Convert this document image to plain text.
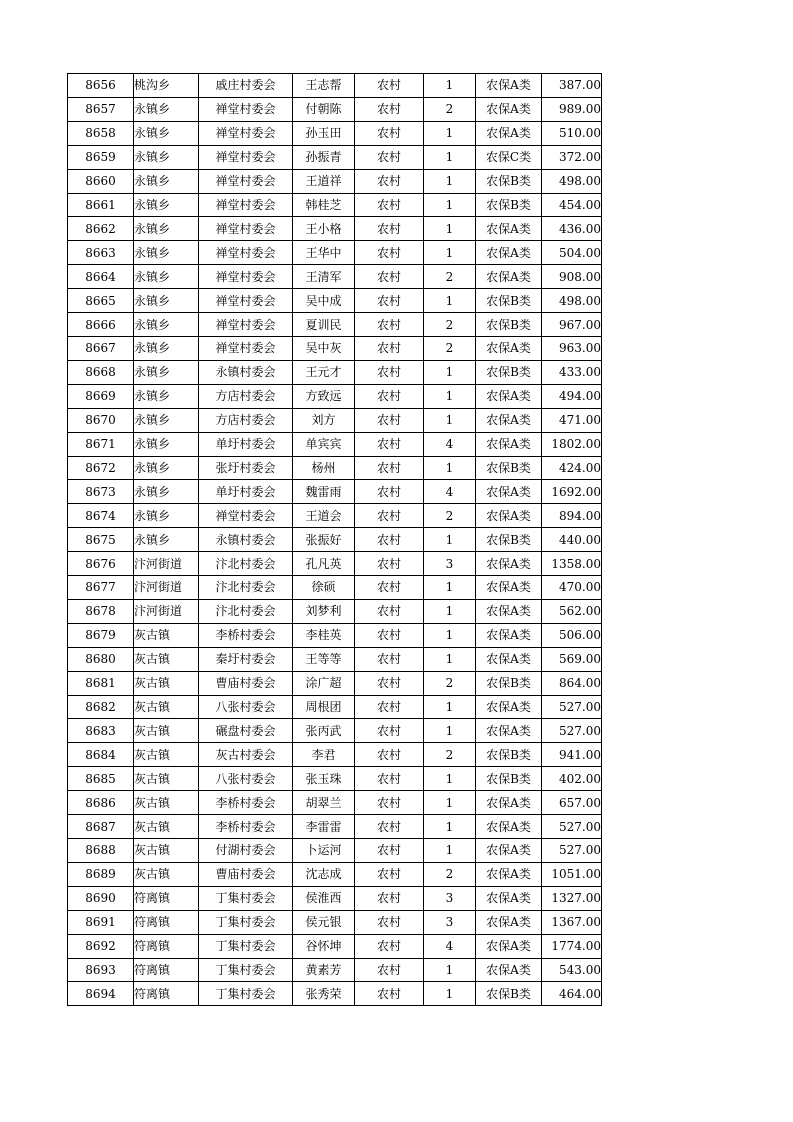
8656	桃沟乡	戚庄村委会	王志帮	农村	1	农保A类	387.00
8657	永镇乡	禅堂村委会	付朝陈	农村	2	农保A类	989.00
8658	永镇乡	禅堂村委会	孙玉田	农村	1	农保A类	510.00
8659	永镇乡	禅堂村委会	孙振青	农村	1	农保C类	372.00
8660	永镇乡	禅堂村委会	王道祥	农村	1	农保B类	498.00
8661	永镇乡	禅堂村委会	韩桂芝	农村	1	农保B类	454.00
8662	永镇乡	禅堂村委会	王小格	农村	1	农保A类	436.00
8663	永镇乡	禅堂村委会	王华中	农村	1	农保A类	504.00
8664	永镇乡	禅堂村委会	王清军	农村	2	农保A类	908.00
8665	永镇乡	禅堂村委会	吴中成	农村	1	农保B类	498.00
8666	永镇乡	禅堂村委会	夏训民	农村	2	农保B类	967.00
8667	永镇乡	禅堂村委会	吴中灰	农村	2	农保A类	963.00
8668	永镇乡	永镇村委会	王元才	农村	1	农保B类	433.00
8669	永镇乡	方店村委会	方致远	农村	1	农保A类	494.00
8670	永镇乡	方店村委会	刘方	农村	1	农保A类	471.00
8671	永镇乡	单圩村委会	单宾宾	农村	4	农保A类	1802.00
8672	永镇乡	张圩村委会	杨州	农村	1	农保B类	424.00
8673	永镇乡	单圩村委会	魏雷雨	农村	4	农保A类	1692.00
8674	永镇乡	禅堂村委会	王道会	农村	2	农保A类	894.00
8675	永镇乡	永镇村委会	张振好	农村	1	农保B类	440.00
8676	汴河街道	汴北村委会	孔凡英	农村	3	农保A类	1358.00
8677	汴河街道	汴北村委会	徐硕	农村	1	农保A类	470.00
8678	汴河街道	汴北村委会	刘梦利	农村	1	农保A类	562.00
8679	灰古镇	李桥村委会	李桂英	农村	1	农保A类	506.00
8680	灰古镇	秦圩村委会	王等等	农村	1	农保A类	569.00
8681	灰古镇	曹庙村委会	涂广超	农村	2	农保B类	864.00
8682	灰古镇	八张村委会	周根团	农村	1	农保A类	527.00
8683	灰古镇	碾盘村委会	张丙武	农村	1	农保A类	527.00
8684	灰古镇	灰古村委会	李君	农村	2	农保B类	941.00
8685	灰古镇	八张村委会	张玉珠	农村	1	农保B类	402.00
8686	灰古镇	李桥村委会	胡翠兰	农村	1	农保A类	657.00
8687	灰古镇	李桥村委会	李雷雷	农村	1	农保A类	527.00
8688	灰古镇	付湖村委会	卜运河	农村	1	农保A类	527.00
8689	灰古镇	曹庙村委会	沈志成	农村	2	农保A类	1051.00
8690	符离镇	丁集村委会	侯淮西	农村	3	农保A类	1327.00
8691	符离镇	丁集村委会	侯元银	农村	3	农保A类	1367.00
8692	符离镇	丁集村委会	谷怀坤	农村	4	农保A类	1774.00
8693	符离镇	丁集村委会	黄素芳	农村	1	农保A类	543.00
8694	符离镇	丁集村委会	张秀荣	农村	1	农保B类	464.00
